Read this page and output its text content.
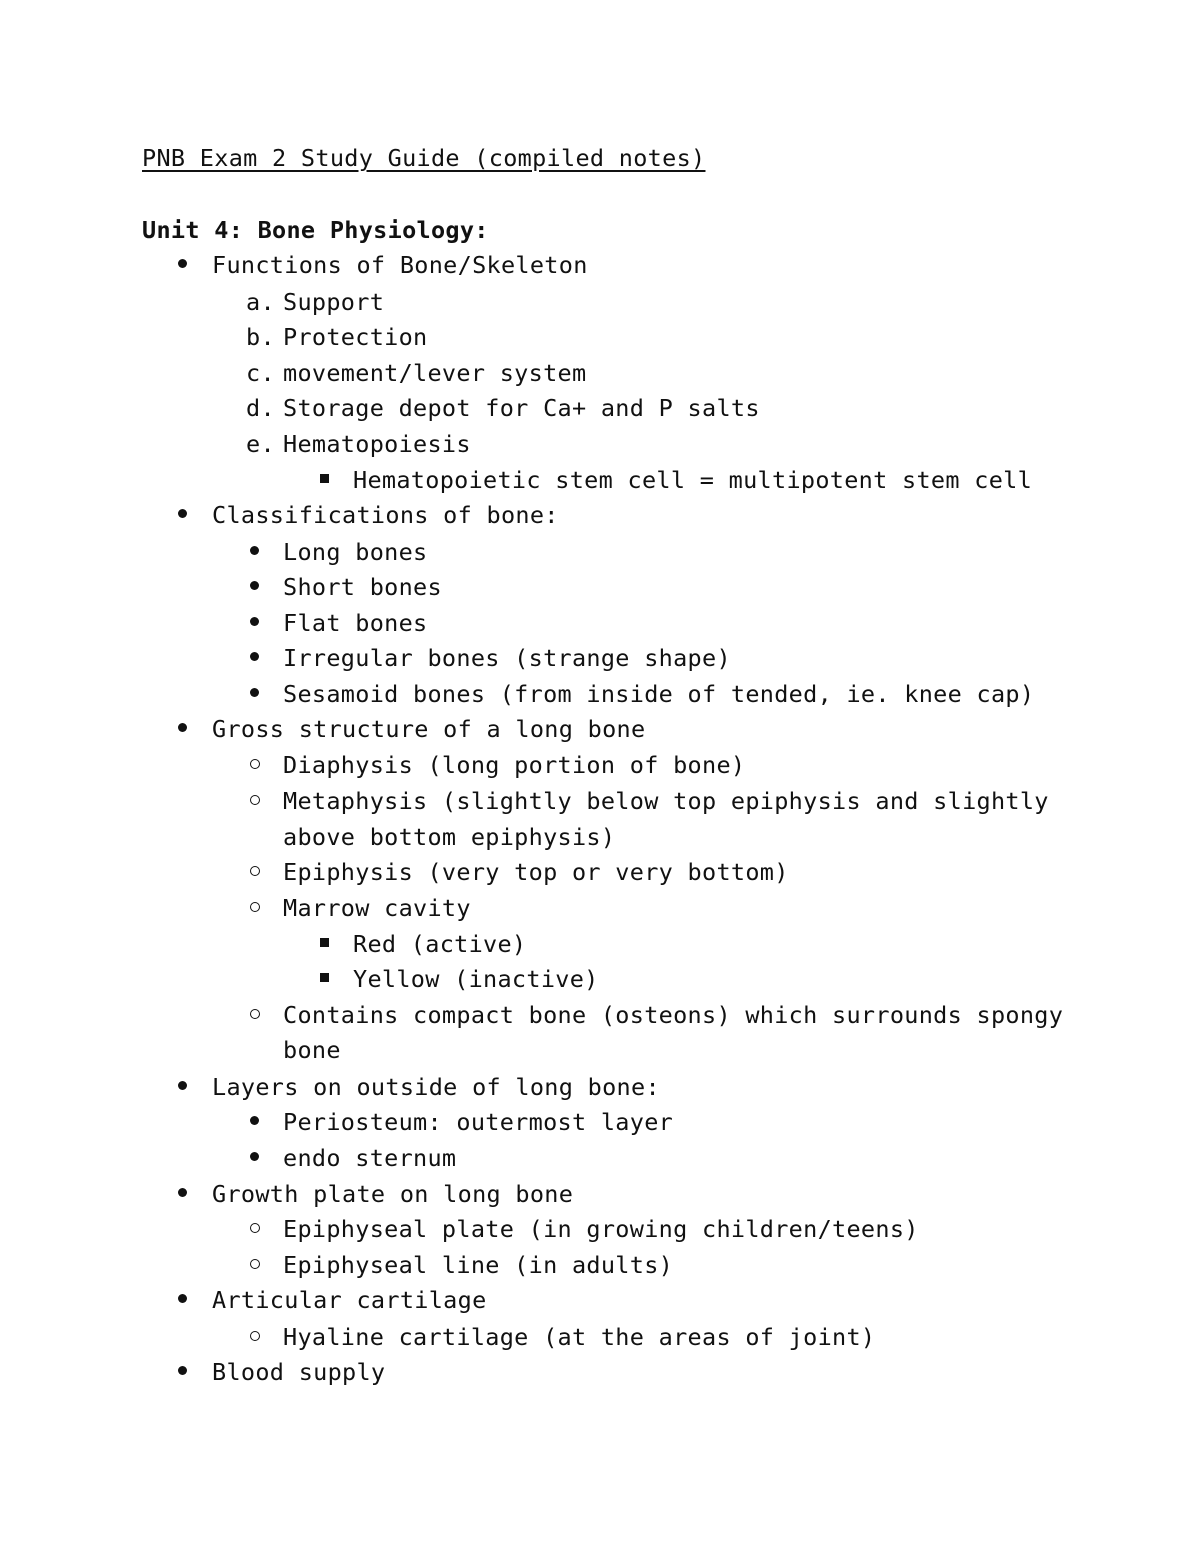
PNB Exam 2 Study Guide (compiled notes)
Unit 4: Bone Physiology:
Functions of Bone/Skeleton
a. Support
b. Protection
c. movement/lever system
d. Storage depot for Ca+ and P salts
e. Hematopoiesis
Hematopoietic stem cell = multipotent stem cell
Classifications of bone:
Long bones
Short bones
Flat bones
Irregular bones (strange shape)
Sesamoid bones (from inside of tended, ie. knee cap)
Gross structure of a long bone
Diaphysis (long portion of bone)
Metaphysis (slightly below top epiphysis and slightly
above bottom epiphysis)
Epiphysis (very top or very bottom)
Marrow cavity
Red (active)
Yellow (inactive)
Contains compact bone (osteons) which surrounds spongy
bone
Layers on outside of long bone:
Periosteum: outermost layer
endo sternum
Growth plate on long bone
Epiphyseal plate (in growing children/teens)
Epiphyseal line (in adults)
Articular cartilage
Hyaline cartilage (at the areas of joint)
Blood supply
